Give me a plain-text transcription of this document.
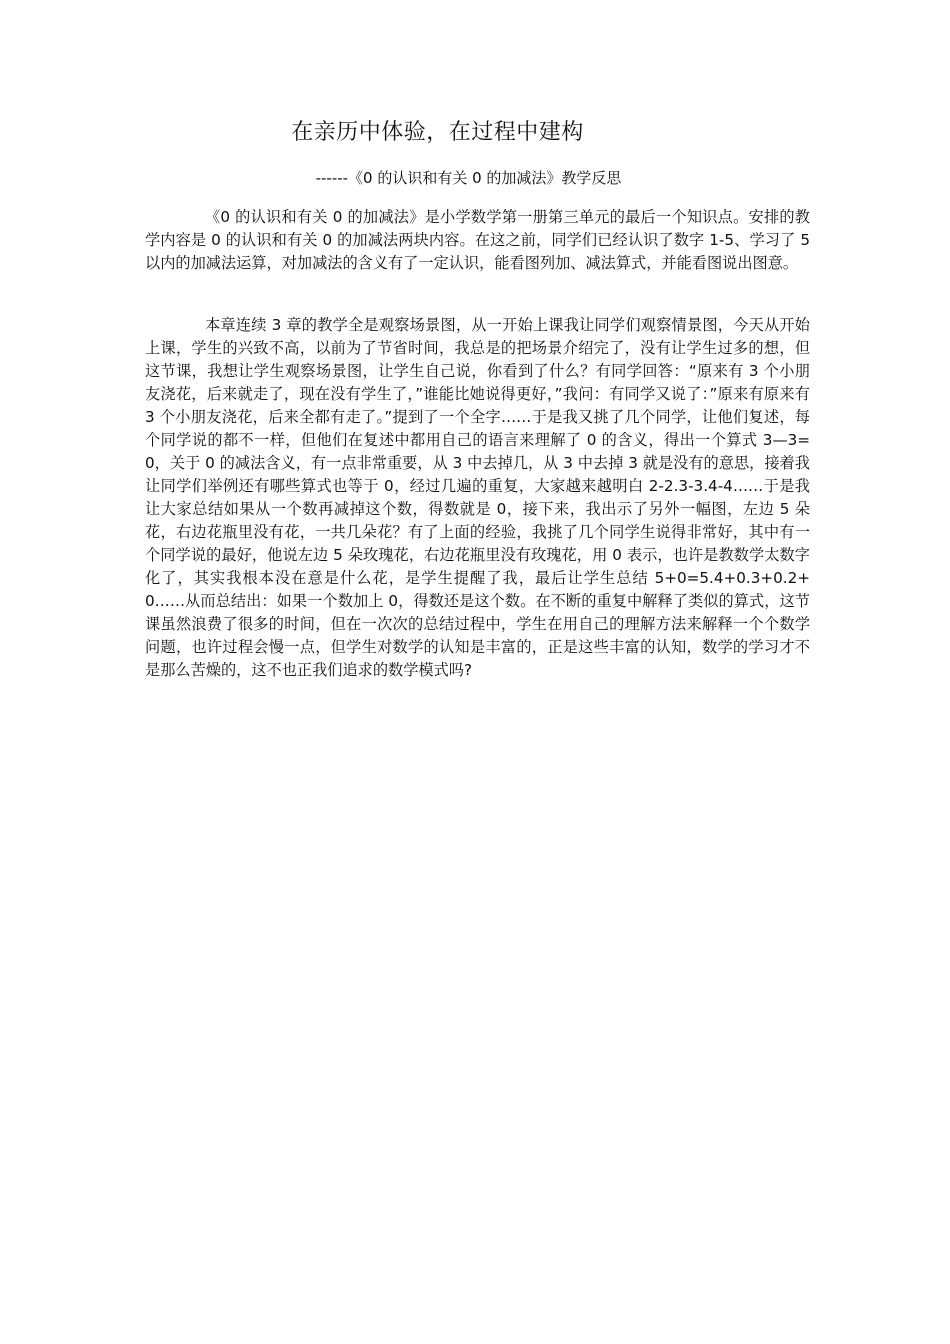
在亲历中体验，在过程中建构

------《0 的认识和有关 0 的加减法》教学反思

《0 的认识和有关 0 的加减法》是小学数学第一册第三单元的最后一个知识点。安排的教学内容是 0 的认识和有关 0 的加减法两块内容。在这之前，同学们已经认识了数字 1-5、学习了 5 以内的加减法运算，对加减法的含义有了一定认识，能看图列加、减法算式，并能看图说出图意。

本章连续 3 章的教学全是观察场景图，从一开始上课我让同学们观察情景图，今天从开始上课，学生的兴致不高，以前为了节省时间，我总是的把场景介绍完了，没有让学生过多的想，但这节课，我想让学生观察场景图，让学生自己说，你看到了什么？有同学回答：“原来有 3 个小朋友浇花，后来就走了，现在没有学生了，”谁能比她说得更好，”我问：有同学又说了：”原来有原来有 3 个小朋友浇花，后来全都有走了。”提到了一个全字……于是我又挑了几个同学，让他们复述，每个同学说的都不一样，但他们在复述中都用自己的语言来理解了 0 的含义，得出一个算式 3—3=0，关于 0 的减法含义，有一点非常重要，从 3 中去掉几，从 3 中去掉 3 就是没有的意思，接着我让同学们举例还有哪些算式也等于 0，经过几遍的重复，大家越来越明白 2-2.3-3.4-4……于是我让大家总结如果从一个数再减掉这个数，得数就是 0，接下来，我出示了另外一幅图，左边 5 朵花，右边花瓶里没有花，一共几朵花？有了上面的经验，我挑了几个同学生说得非常好，其中有一个同学说的最好，他说左边 5 朵玫瑰花，右边花瓶里没有玫瑰花，用 0 表示，也许是教数学太数字化了，其实我根本没在意是什么花，是学生提醒了我，最后让学生总结 5+0=5.4+0.3+0.2+0……从而总结出：如果一个数加上 0，得数还是这个数。在不断的重复中解释了类似的算式，这节课虽然浪费了很多的时间，但在一次次的总结过程中，学生在用自己的理解方法来解释一个个数学问题，也许过程会慢一点，但学生对数学的认知是丰富的，正是这些丰富的认知，数学的学习才不是那么苦燥的，这不也正我们追求的数学模式吗?
